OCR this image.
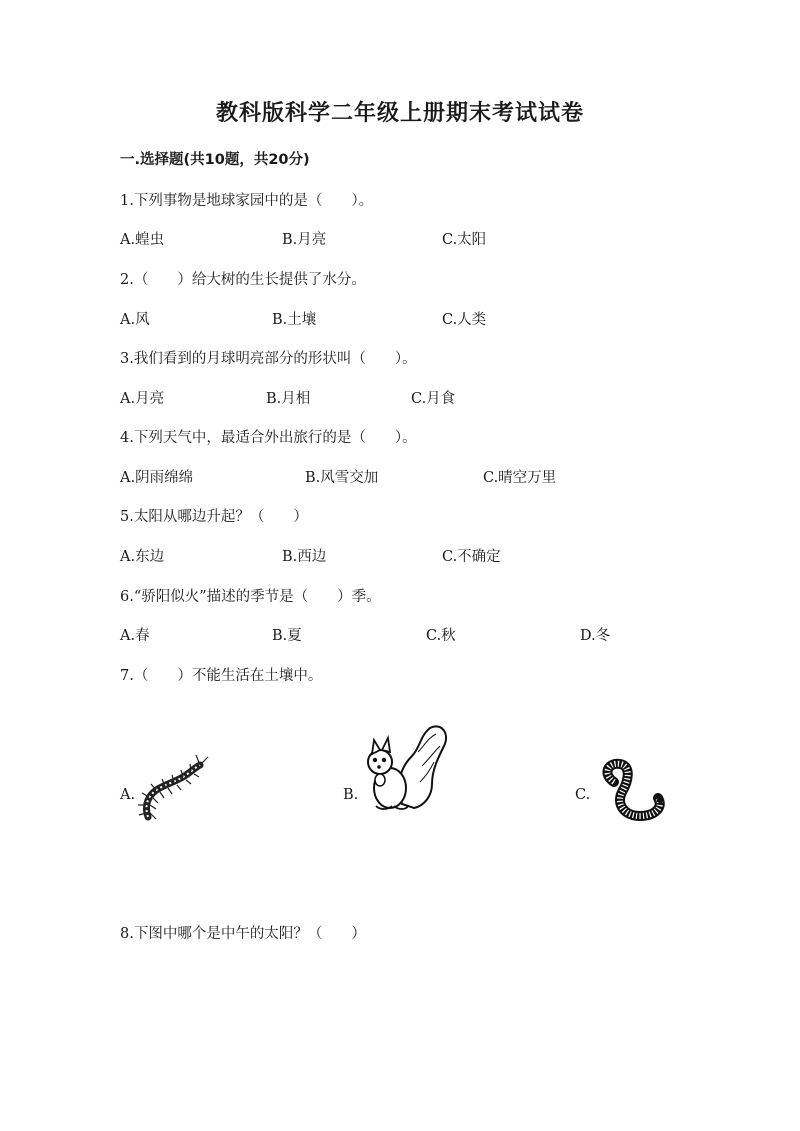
教科版科学二年级上册期末考试试卷
一.选择题(共10题，共20分)
1.下列事物是地球家园中的是（　　）。
A.蝗虫	B.月亮	C.太阳
2.（　　）给大树的生长提供了水分。
A.风	B.土壤	C.人类
3.我们看到的月球明亮部分的形状叫（　　）。
A.月亮	B.月相	C.月食
4.下列天气中，最适合外出旅行的是（　　）。
A.阴雨绵绵	B.风雪交加	C.晴空万里
5.太阳从哪边升起？（　　）
A.东边	B.西边	C.不确定
6.“骄阳似火”描述的季节是（　　）季。
A.春	B.夏	C.秋	D.冬
7.（　　）不能生活在土壤中。
A.	B.	C.
8.下图中哪个是中午的太阳？（　　）
